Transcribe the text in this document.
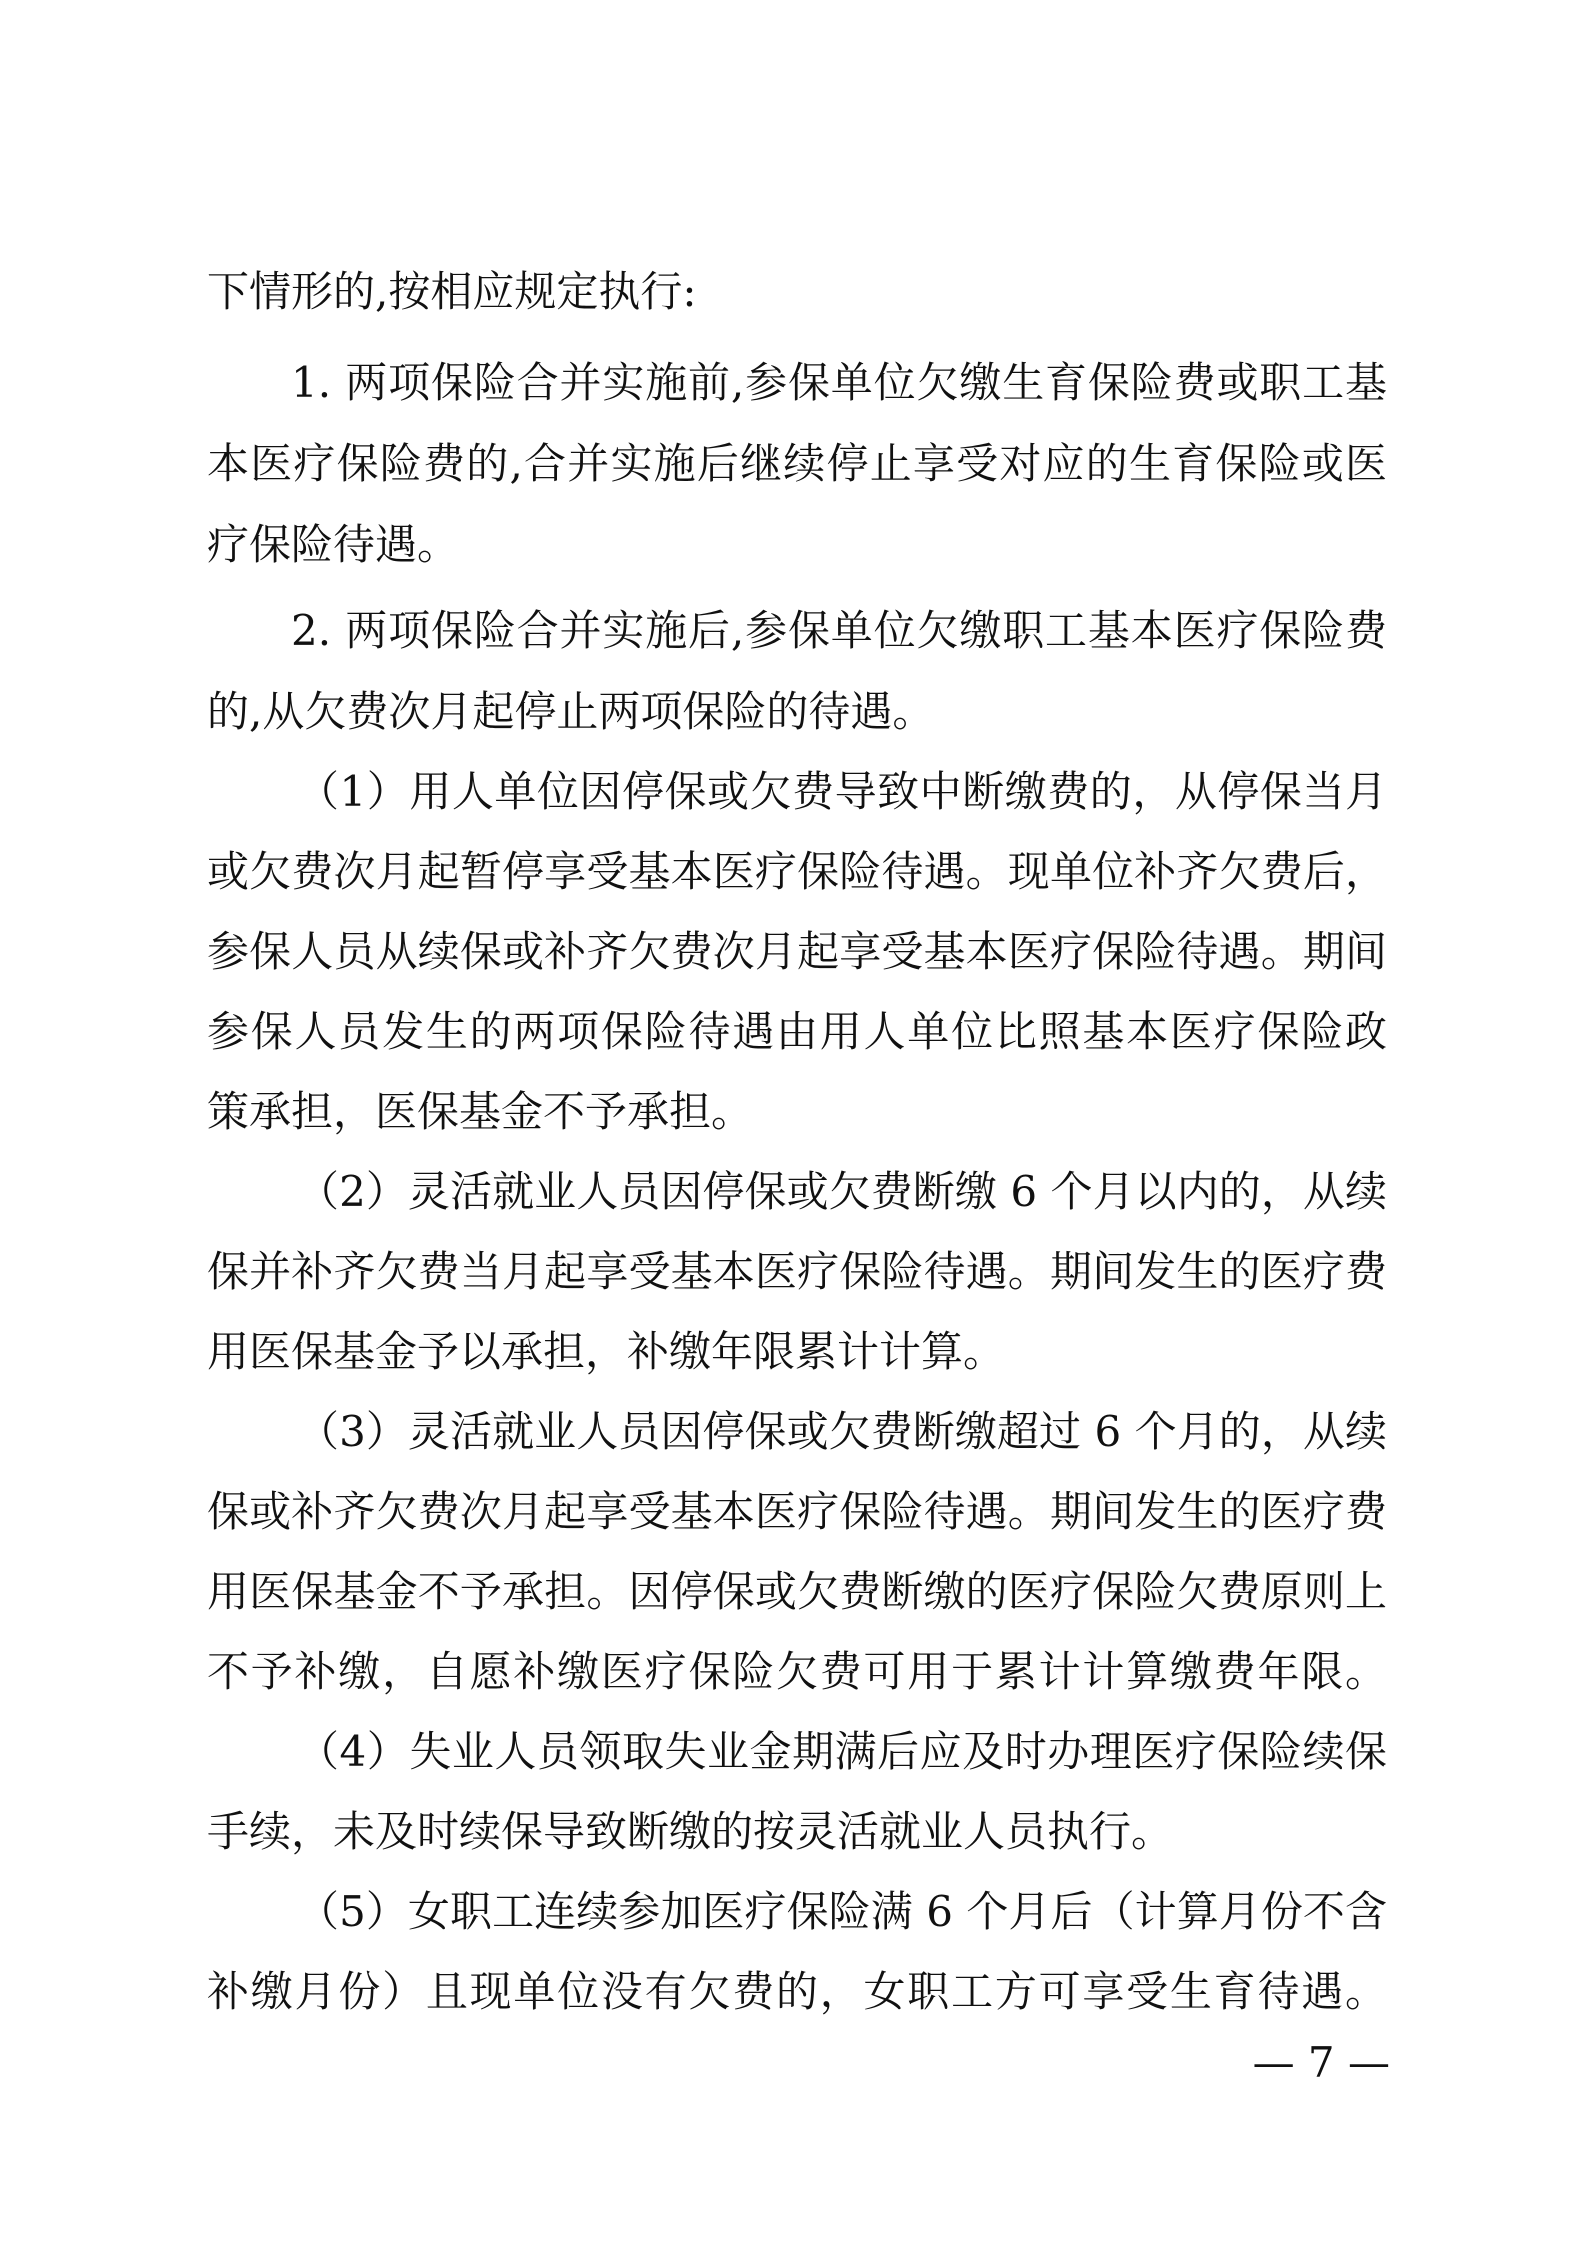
下情形的,按相应规定执行:
1. 两项保险合并实施前,参保单位欠缴生育保险费或职工基
本医疗保险费的,合并实施后继续停止享受对应的生育保险或医
疗保险待遇。
2. 两项保险合并实施后,参保单位欠缴职工基本医疗保险费
的,从欠费次月起停止两项保险的待遇。
（1）用人单位因停保或欠费导致中断缴费的，从停保当月
或欠费次月起暂停享受基本医疗保险待遇。现单位补齐欠费后，
参保人员从续保或补齐欠费次月起享受基本医疗保险待遇。期间
参保人员发生的两项保险待遇由用人单位比照基本医疗保险政
策承担，医保基金不予承担。
（2）灵活就业人员因停保或欠费断缴 6 个月以内的，从续
保并补齐欠费当月起享受基本医疗保险待遇。期间发生的医疗费
用医保基金予以承担，补缴年限累计计算。
（3）灵活就业人员因停保或欠费断缴超过 6 个月的，从续
保或补齐欠费次月起享受基本医疗保险待遇。期间发生的医疗费
用医保基金不予承担。因停保或欠费断缴的医疗保险欠费原则上
不予补缴，自愿补缴医疗保险欠费可用于累计计算缴费年限。
（4）失业人员领取失业金期满后应及时办理医疗保险续保
手续，未及时续保导致断缴的按灵活就业人员执行。
（5）女职工连续参加医疗保险满 6 个月后（计算月份不含
补缴月份）且现单位没有欠费的，女职工方可享受生育待遇。
— 7 —
